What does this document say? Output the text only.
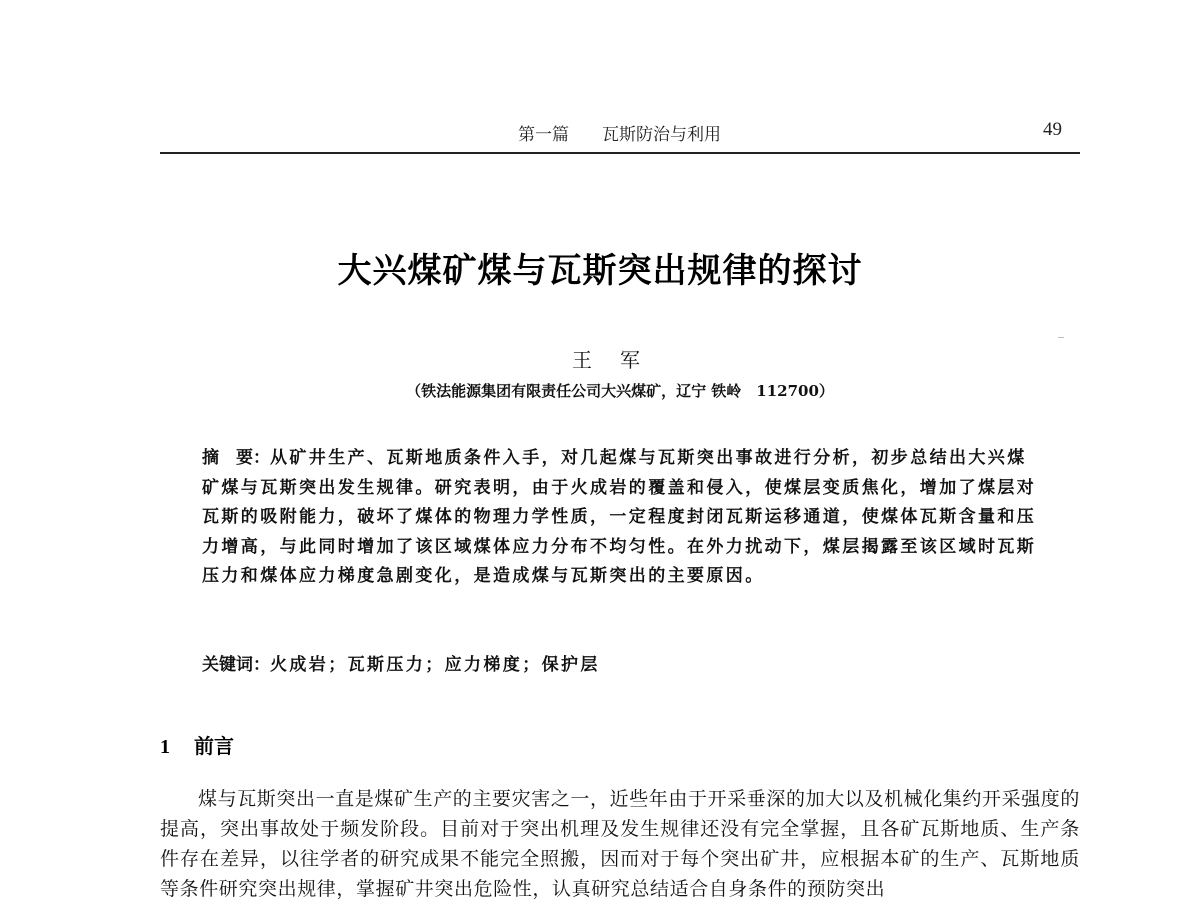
第一篇 瓦斯防治与利用	49
大兴煤矿煤与瓦斯突出规律的探讨
王军
（铁法能源集团有限责任公司大兴煤矿，辽宁 铁岭　112700）
摘　要：从矿井生产、瓦斯地质条件入手，对几起煤与瓦斯突出事故进行分析，初步总结出大兴煤矿煤与瓦斯突出发生规律。研究表明，由于火成岩的覆盖和侵入，使煤层变质焦化，增加了煤层对瓦斯的吸附能力，破坏了煤体的物理力学性质，一定程度封闭瓦斯运移通道，使煤体瓦斯含量和压力增高，与此同时增加了该区域煤体应力分布不均匀性。在外力扰动下，煤层揭露至该区域时瓦斯压力和煤体应力梯度急剧变化，是造成煤与瓦斯突出的主要原因。
关键词：火成岩；瓦斯压力；应力梯度；保护层
1 前言
煤与瓦斯突出一直是煤矿生产的主要灾害之一，近些年由于开采垂深的加大以及机械化集约开采强度的提高，突出事故处于频发阶段。目前对于突出机理及发生规律还没有完全掌握，且各矿瓦斯地质、生产条件存在差异，以往学者的研究成果不能完全照搬，因而对于每个突出矿井，应根据本矿的生产、瓦斯地质等条件研究突出规律，掌握矿井突出危险性，认真研究总结适合自身条件的预防突出
